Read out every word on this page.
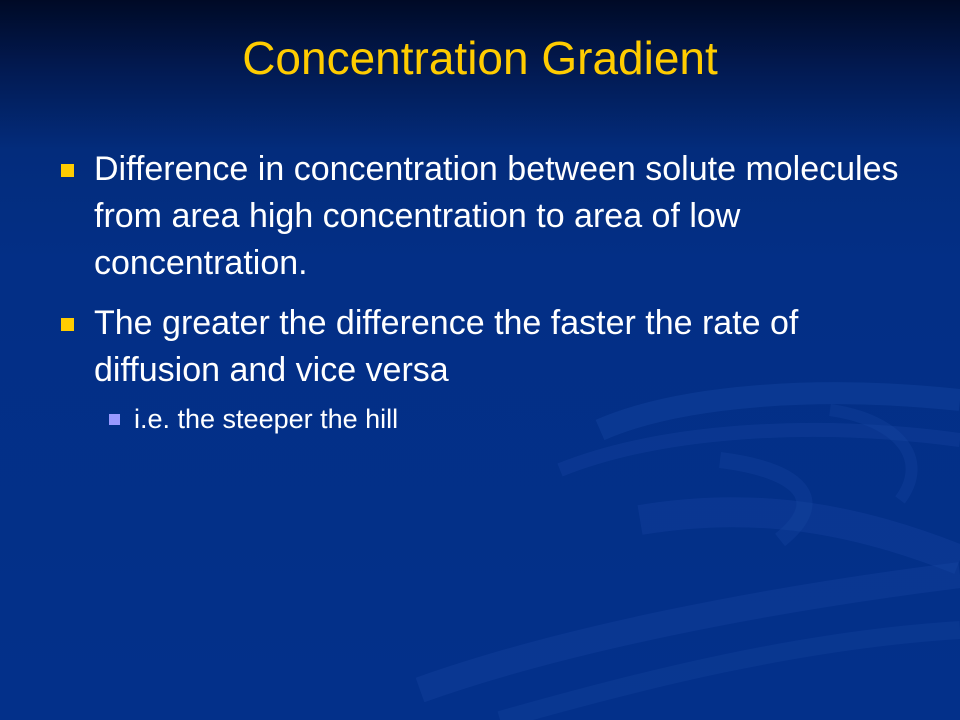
Concentration Gradient
Difference in concentration between solute molecules from area high concentration to area of low concentration.
The greater the difference the faster the rate of diffusion and vice versa
i.e. the steeper the hill
